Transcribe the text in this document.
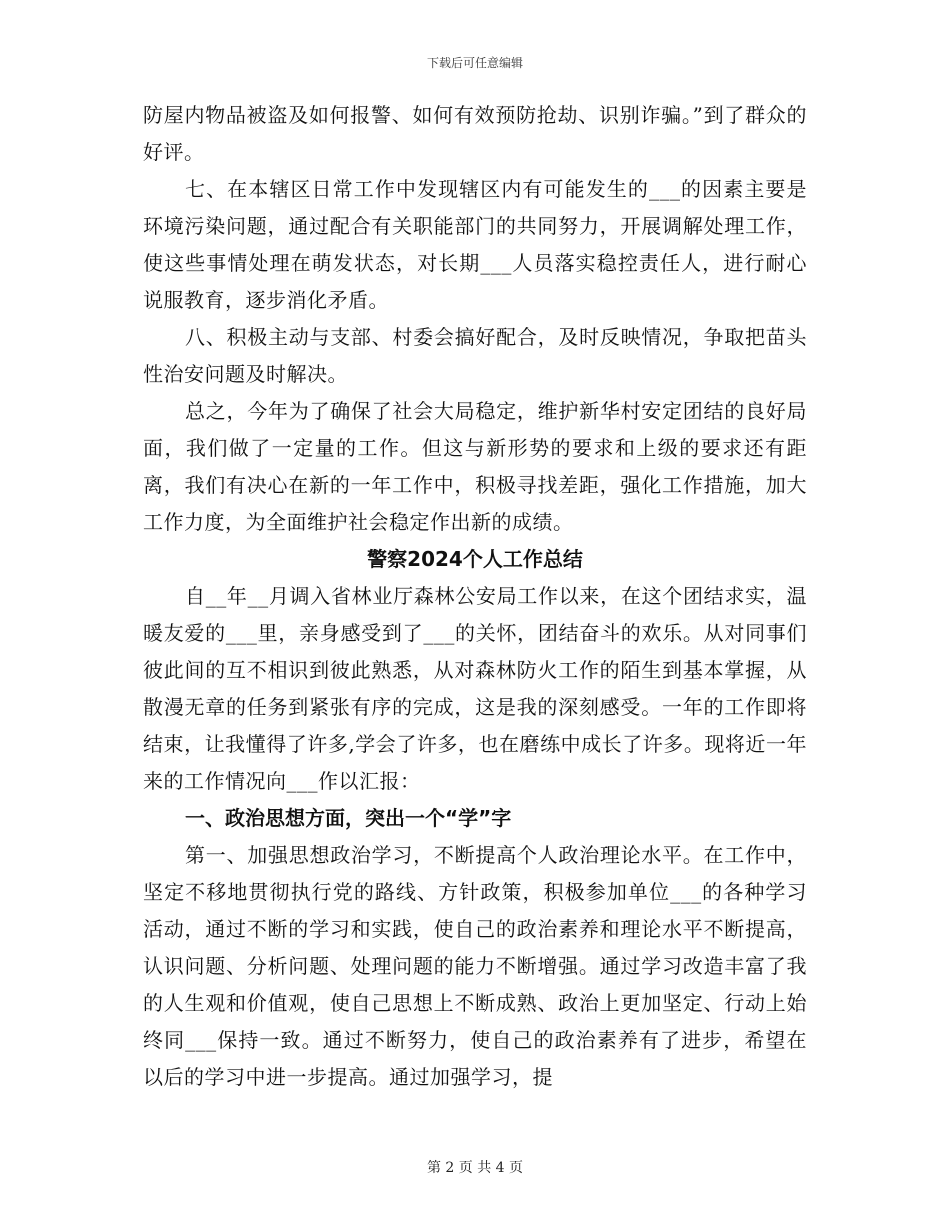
下载后可任意编辑

防屋内物品被盗及如何报警、如何有效预防抢劫、识别诈骗。”到了群众的好评。

七、在本辖区日常工作中发现辖区内有可能发生的___的因素主要是环境污染问题，通过配合有关职能部门的共同努力，开展调解处理工作，使这些事情处理在萌发状态，对长期___人员落实稳控责任人，进行耐心说服教育，逐步消化矛盾。

八、积极主动与支部、村委会搞好配合，及时反映情况，争取把苗头性治安问题及时解决。

总之，今年为了确保了社会大局稳定，维护新华村安定团结的良好局面，我们做了一定量的工作。但这与新形势的要求和上级的要求还有距离，我们有决心在新的一年工作中，积极寻找差距，强化工作措施，加大工作力度，为全面维护社会稳定作出新的成绩。

警察2024个人工作总结

自__年__月调入省林业厅森林公安局工作以来，在这个团结求实，温暖友爱的___里，亲身感受到了___的关怀，团结奋斗的欢乐。从对同事们彼此间的互不相识到彼此熟悉，从对森林防火工作的陌生到基本掌握，从散漫无章的任务到紧张有序的完成，这是我的深刻感受。一年的工作即将结束，让我懂得了许多,学会了许多，也在磨练中成长了许多。现将近一年来的工作情况向___作以汇报：

一、政治思想方面，突出一个“学”字

第一、加强思想政治学习，不断提高个人政治理论水平。在工作中，坚定不移地贯彻执行党的路线、方针政策，积极参加单位___的各种学习活动，通过不断的学习和实践，使自己的政治素养和理论水平不断提高，认识问题、分析问题、处理问题的能力不断增强。通过学习改造丰富了我的人生观和价值观，使自己思想上不断成熟、政治上更加坚定、行动上始终同___保持一致。通过不断努力，使自己的政治素养有了进步，希望在以后的学习中进一步提高。通过加强学习，提

第 2 页 共 4 页
